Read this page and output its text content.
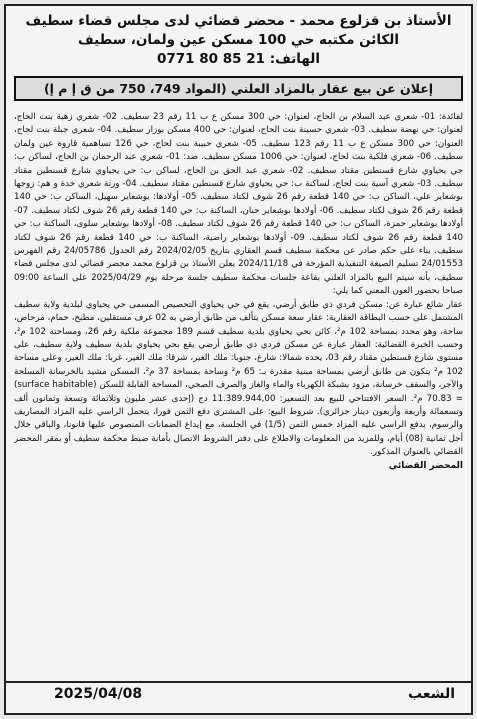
الأستاذ بن قزلوع محمد - محضر قضائي لدى مجلس قضاء سطيف
الكائن مكتبه حي 100 مسكن عين ولمان، سطيف
الهاتف: 21 85 80 0771
إعلان عن بيع عقار بالمزاد العلني (المواد 749، 750 من ق إ م إ)

لفائدة: 01- شعري عبد السلام بن الحاج، لعنوان: حي 300 مسكن ع ب 11 رقم 23 سطيف. 02- شعري زهية بنت الحاج، لعنوان: حي نهضة سطيف. 03- شعري حسينة بنت الحاج، لعنوان: حي 400 مسكن بوزار سطيف. 04- شعري جبلة بنت لحاج، العنوان: حي 300 مسكن ع ب 11 رقم 123 سطيف. 05- شعري حبيبة بنت لحاج، حي 126 تساهمية قاروة عين ولمان سطيف. 06- شعري فلكية بنت لحاج، لعنوان: حي 1006 مسكن سطيف. ضد: 01- شعري عبد الرحمان بن الحاج، لساكن ب: حي يحياوي شارع قسنطين مقتاد سطيف. 02- شعري عبد الحق بن الحاج، لساكن ب: حي يحياوي شارع قسنطين مقتاد سطيف. 03- شعري آسية بنت لحاج، لساكنة ب: حي يحياوي شارع قسنطين مقتاد سطيف. 04- ورثة شعري خدة و هم: زوجها بوشعاير علي، الساكن ب: حي 140 قطعة رقم 26 شوف لكتاد سطيف. 05- أولادها: بوشعاير سهيل، الساكن ب: حي 140 قطعة رقم 26 شوف لكتاد سطيف. 06- أولادها بوشعاير حنان، الساكنة ب: حي 140 قطعة رقم 26 شوف لكتاد سطيف. 07- أولادها بوشعاير حمزة، الساكن ب: حي 140 قطعة رقم 26 شوف لكتاد سطيف. 08- أولادها بوشعاير سلوى، الساكنة ب: حي 140 قطعة رقم 26 شوف لكتاد سطيف. 09- أولادها بوشعاير راضية، الساكنة ب: حي 140 قطعة رقم 26 شوف لكتاد سطيف. بناء على حكم صادر عن محكمة سطيف قسم العقاري بتاريخ 2024/02/05 رقم الجدول 24/05786 رقم الفهرس 24/01553 تسليم الصيغة التنفيذية المؤرخة في 2024/11/18 يعلن الأستاذ بن قزلوع محمد محضر قضائي لدى مجلس قضاء سطيف، بأنه سيتم البيع بالمزاد العلني بقاعة جلسات محكمة سطيف جلسة مرحلة يوم 2025/04/29 على الساعة 09:00 صباحا بحضور العون المعني كما يلي:

عقار شائع عبارة عن: مسكن فردي ذي طابق أرضي، يقع في حي يحياوي التحصيص المسمى حي يحياوي لبلدية ولاية سطيف المشتمل على حسب البطاقة العقارية: عقار سعة مسكن يتألف من طابق أرضي به 02 غرف مستقلين، مطبخ، حمام، مرحاض، ساحة، وهو محدد بمساحة 102 م²، كائن بحي يحياوي بلدية سطيف قسم 189 مجموعة ملكية رقم 26، ومساحته 102 م²، وحسب الخبرة القضائية: العقار عبارة عن مسكن فردي ذي طابق أرضي يقع بحي يحياوي بلدية سطيف ولاية سطيف، على مستوى شارع قسنطين مقتاد رقم 03، يحده شمالا: شارع، جنوبا: ملك الغير، شرقا: ملك الغير، غربا: ملك الغير، وعلى مساحة 102 م² يتكون من طابق أرضي بمساحة مبنية مقدرة بـ: 65 م² وساحة بمساحة 37 م²، المسكن مشيد بالخرسانة المسلحة والآجر، والسقف خرسانة، مزود بشبكة الكهرباء والماء والغاز والصرف الصحي، المساحة القابلة للسكن (surface habitable) = 70.83 م². السعر الافتتاحي للبيع بعد التسعير: 11.389.944,00 دج (إحدى عشر مليون وثلاثمائة وتسعة وثمانون ألف وتسعمائة وأربعة وأربعون دينار جزائري). شروط البيع: على المشتري دفع الثمن فورا، يتحمل الراسي عليه المزاد المصاريف والرسوم، يدفع الراسي عليه المزاد خمس الثمن (1/5) في الجلسة، مع إيداع الضمانات المنصوص عليها قانونا، والباقي خلال أجل ثمانية (08) أيام، وللمزيد من المعلومات والاطلاع على دفتر الشروط الاتصال بأمانة ضبط محكمة سطيف أو بمقر المحضر القضائي بالعنوان المذكور.

المحضر القضائي
الشعب
2025/04/08
